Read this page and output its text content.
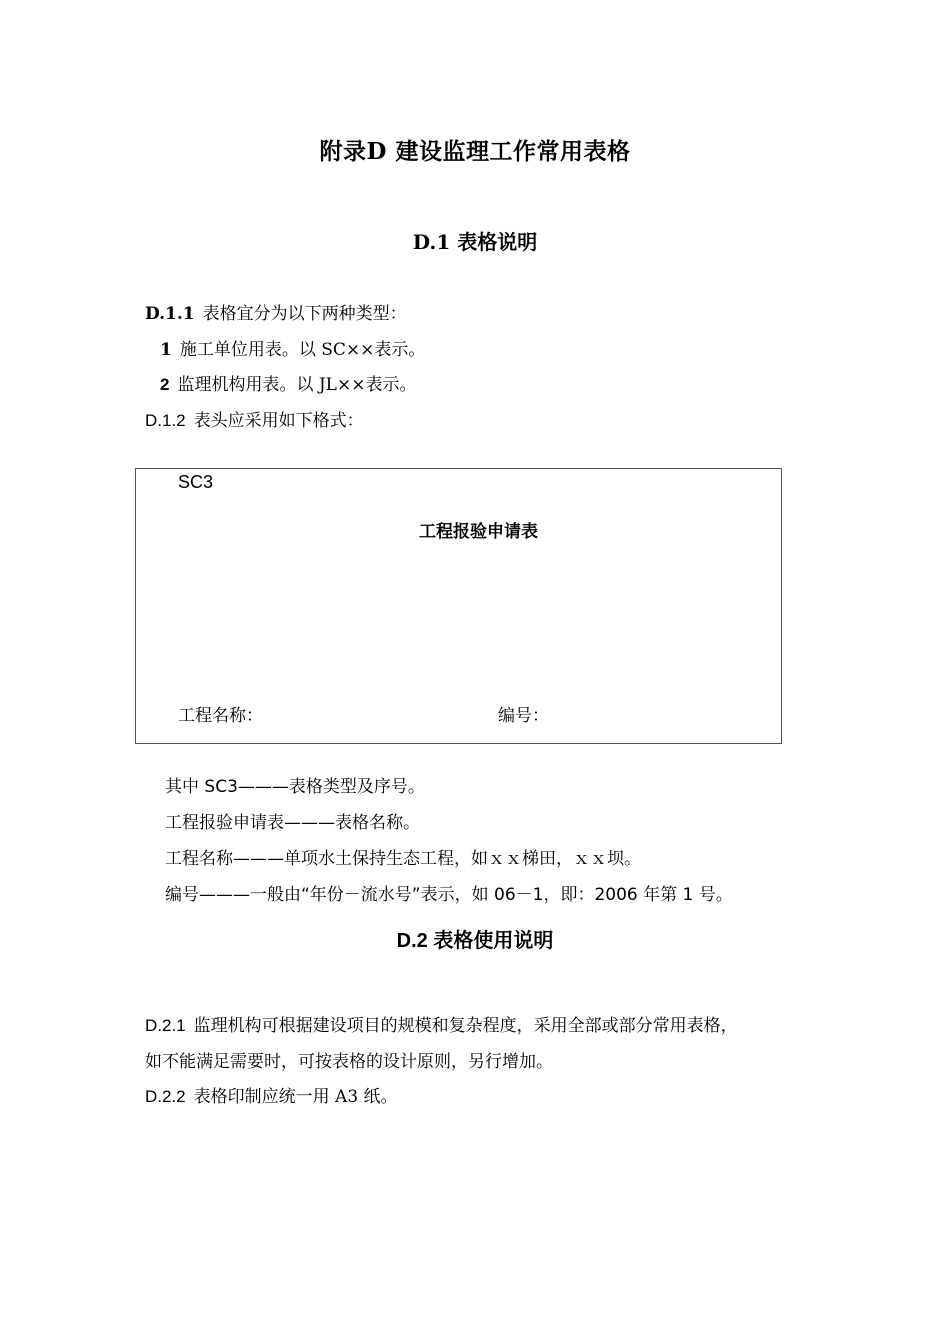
附录D 建设监理工作常用表格
D.1 表格说明
D.1.1 表格宜分为以下两种类型：
1 施工单位用表。以 SC××表示。
2 监理机构用表。以 JL××表示。
D.1.2 表头应采用如下格式：
SC3
工程报验申请表
工程名称：	编号：
其中 SC3———表格类型及序号。
工程报验申请表———表格名称。
工程名称———单项水土保持生态工程，如ｘｘ梯田，ｘｘ坝。
编号———一般由“年份－流水号”表示，如 06－1，即：2006 年第 1 号。
D.2 表格使用说明
D.2.1 监理机构可根据建设项目的规模和复杂程度，采用全部或部分常用表格，
如不能满足需要时，可按表格的设计原则，另行增加。
D.2.2 表格印制应统一用 A3 纸。
